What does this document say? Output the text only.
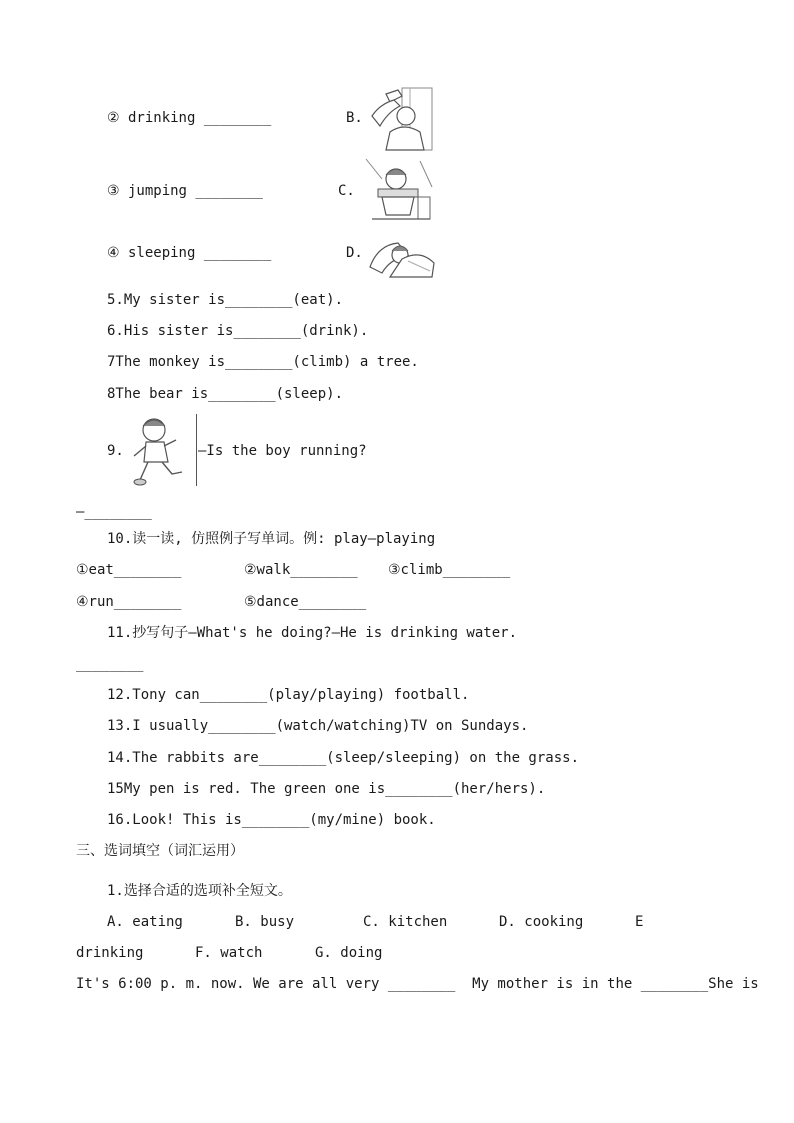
② drinking ________	B.
③ jumping ________	C.
④ sleeping ________	D.
5.My sister is________(eat).
6.His sister is________(drink).
7The monkey is________(climb) a tree.
8The bear is________(sleep).
9.	—Is the boy running?
—________
10.读一读, 仿照例子写单词。例: play—playing
①eat________	②walk________ ③climb________
④run________	⑤dance________
11.抄写句子—What's he doing?—He is drinking water.
________
12.Tony can________(play/playing) football.
13.I usually________(watch/watching)TV on Sundays.
14.The rabbits are________(sleep/sleeping) on the grass.
15My pen is red. The green one is________(her/hers).
16.Look! This is________(my/mine) book.
三、选词填空（词汇运用）
1.选择合适的选项补全短文。
A. eating	B. busy	C. kitchen	D. cooking	E
drinking	F. watch	G. doing
It's 6:00 p. m. now. We are all very ________  My mother is in the ________She is
